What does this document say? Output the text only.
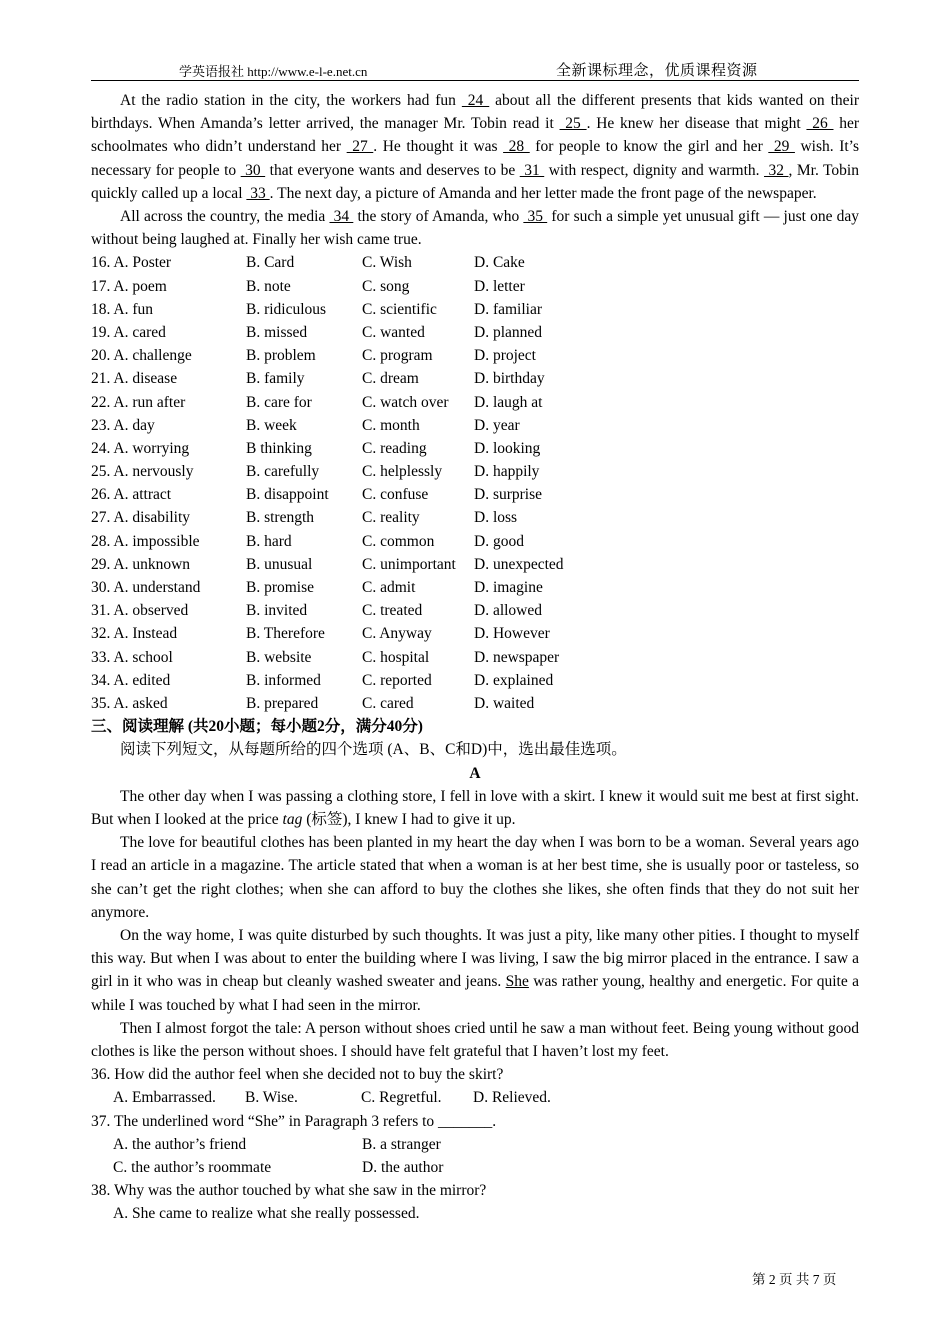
学英语报社 http://www.e-l-e.net.cn	全新课标理念，优质课程资源

At the radio station in the city, the workers had fun  24  about all the different presents that kids wanted on their birthdays. When Amanda’s letter arrived, the manager Mr. Tobin read it  25 . He knew her disease that might  26  her schoolmates who didn’t understand her  27 . He thought it was  28  for people to know the girl and her  29  wish. It’s necessary for people to  30  that everyone wants and deserves to be  31  with respect, dignity and warmth.  32 , Mr. Tobin quickly called up a local  33 . The next day, a picture of Amanda and her letter made the front page of the newspaper.

All across the country, the media  34  the story of Amanda, who  35  for such a simple yet unusual gift — just one day without being laughed at. Finally her wish came true.

16. A. Poster	B. Card	C. Wish	D. Cake
17. A. poem	B. note	C. song	D. letter
18. A. fun	B. ridiculous	C. scientific	D. familiar
19. A. cared	B. missed	C. wanted	D. planned
20. A. challenge	B. problem	C. program	D. project
21. A. disease	B. family	C. dream	D. birthday
22. A. run after	B. care for	C. watch over	D. laugh at
23. A. day	B. week	C. month	D. year
24. A. worrying	B thinking	C. reading	D. looking
25. A. nervously	B. carefully	C. helplessly	D. happily
26. A. attract	B. disappoint	C. confuse	D. surprise
27. A. disability	B. strength	C. reality	D. loss
28. A. impossible	B. hard	C. common	D. good
29. A. unknown	B. unusual	C. unimportant	D. unexpected
30. A. understand	B. promise	C. admit	D. imagine
31. A. observed	B. invited	C. treated	D. allowed
32. A. Instead	B. Therefore	C. Anyway	D. However
33. A. school	B. website	C. hospital	D. newspaper
34. A. edited	B. informed	C. reported	D. explained
35. A. asked	B. prepared	C. cared	D. waited
三、阅读理解 (共20小题；每小题2分，满分40分)
阅读下列短文，从每题所给的四个选项 (A、B、C和D)中，选出最佳选项。
A

The other day when I was passing a clothing store, I fell in love with a skirt. I knew it would suit me best at first sight. But when I looked at the price tag (标签), I knew I had to give it up.

The love for beautiful clothes has been planted in my heart the day when I was born to be a woman. Several years ago I read an article in a magazine. The article stated that when a woman is at her best time, she is usually poor or tasteless, so she can’t get the right clothes; when she can afford to buy the clothes she likes, she often finds that they do not suit her anymore.

On the way home, I was quite disturbed by such thoughts. It was just a pity, like many other pities. I thought to myself this way. But when I was about to enter the building where I was living, I saw the big mirror placed in the entrance. I saw a girl in it who was in cheap but cleanly washed sweater and jeans. She was rather young, healthy and energetic. For quite a while I was touched by what I had seen in the mirror.

Then I almost forgot the tale: A person without shoes cried until he saw a man without feet. Being young without good clothes is like the person without shoes. I should have felt grateful that I haven’t lost my feet.

36. How did the author feel when she decided not to buy the skirt?
A. Embarrassed.	B. Wise.	C. Regretful.	D. Relieved.
37. The underlined word “She” in Paragraph 3 refers to _______.
A. the author’s friend	B. a stranger
C. the author’s roommate	D. the author
38. Why was the author touched by what she saw in the mirror?
A. She came to realize what she really possessed.
第 2 页 共 7 页
